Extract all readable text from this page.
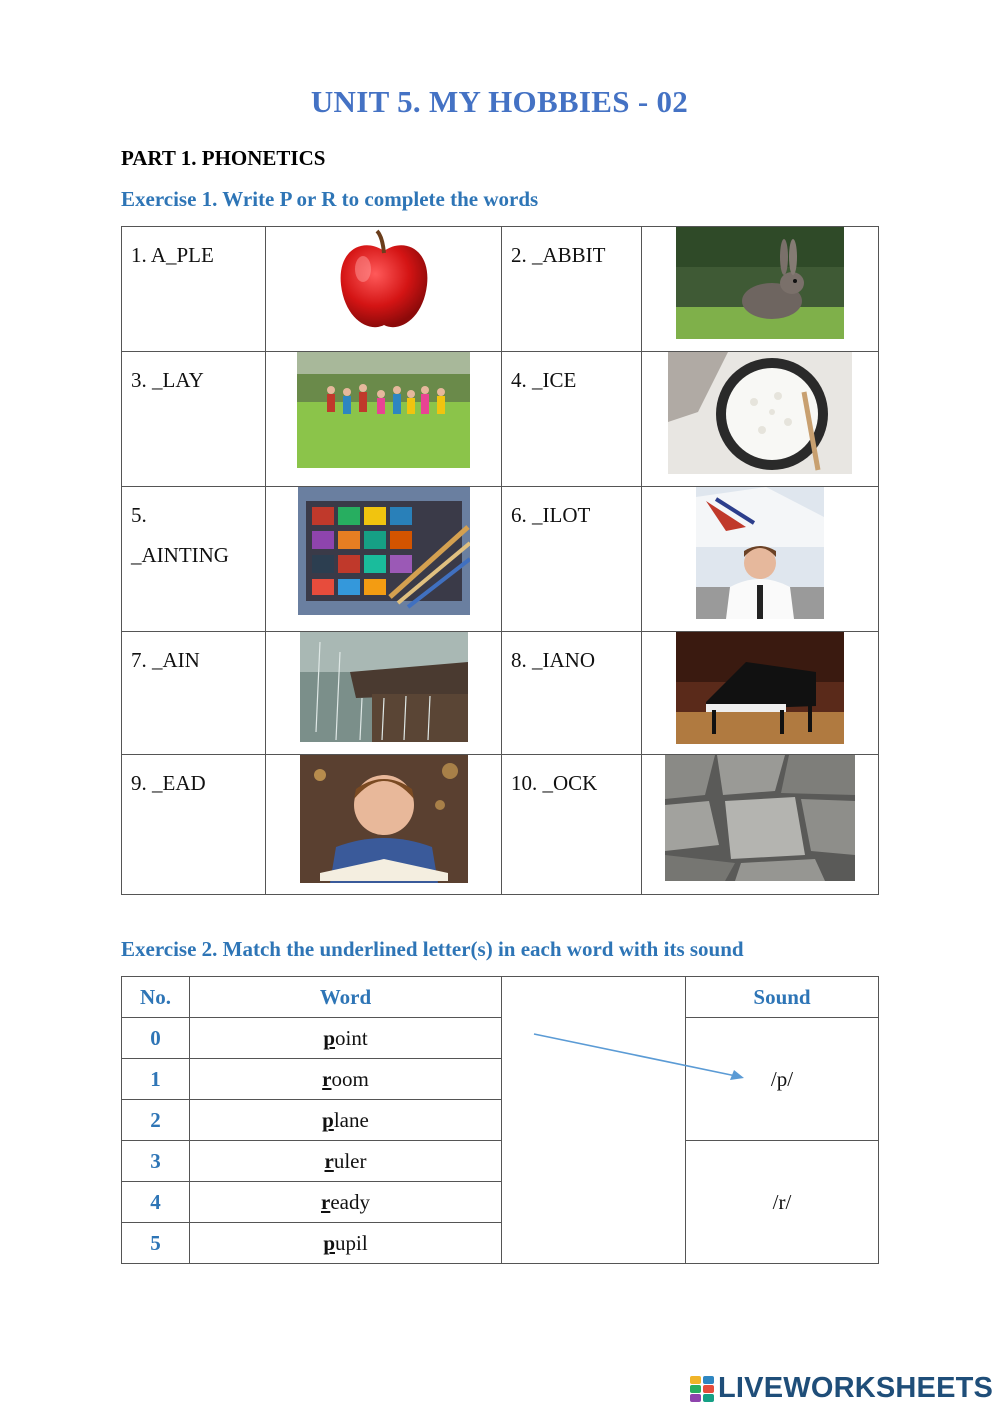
UNIT 5. MY HOBBIES - 02
PART 1. PHONETICS
Exercise 1. Write P or R to complete the words
1. A_PLE		2. _ABBIT

3. _LAY		4. _ICE

5.
_AINTING		6. _ILOT

7. _AIN		8. _IANO

9. _EAD		10. _OCK

Exercise 2. Match the underlined letter(s) in each word with its sound
No.	Word		Sound
0	point		/p/
1	room		
2	plane		
3	ruler		/r/
4	ready		
5	pupil		
LIVEWORKSHEETS
